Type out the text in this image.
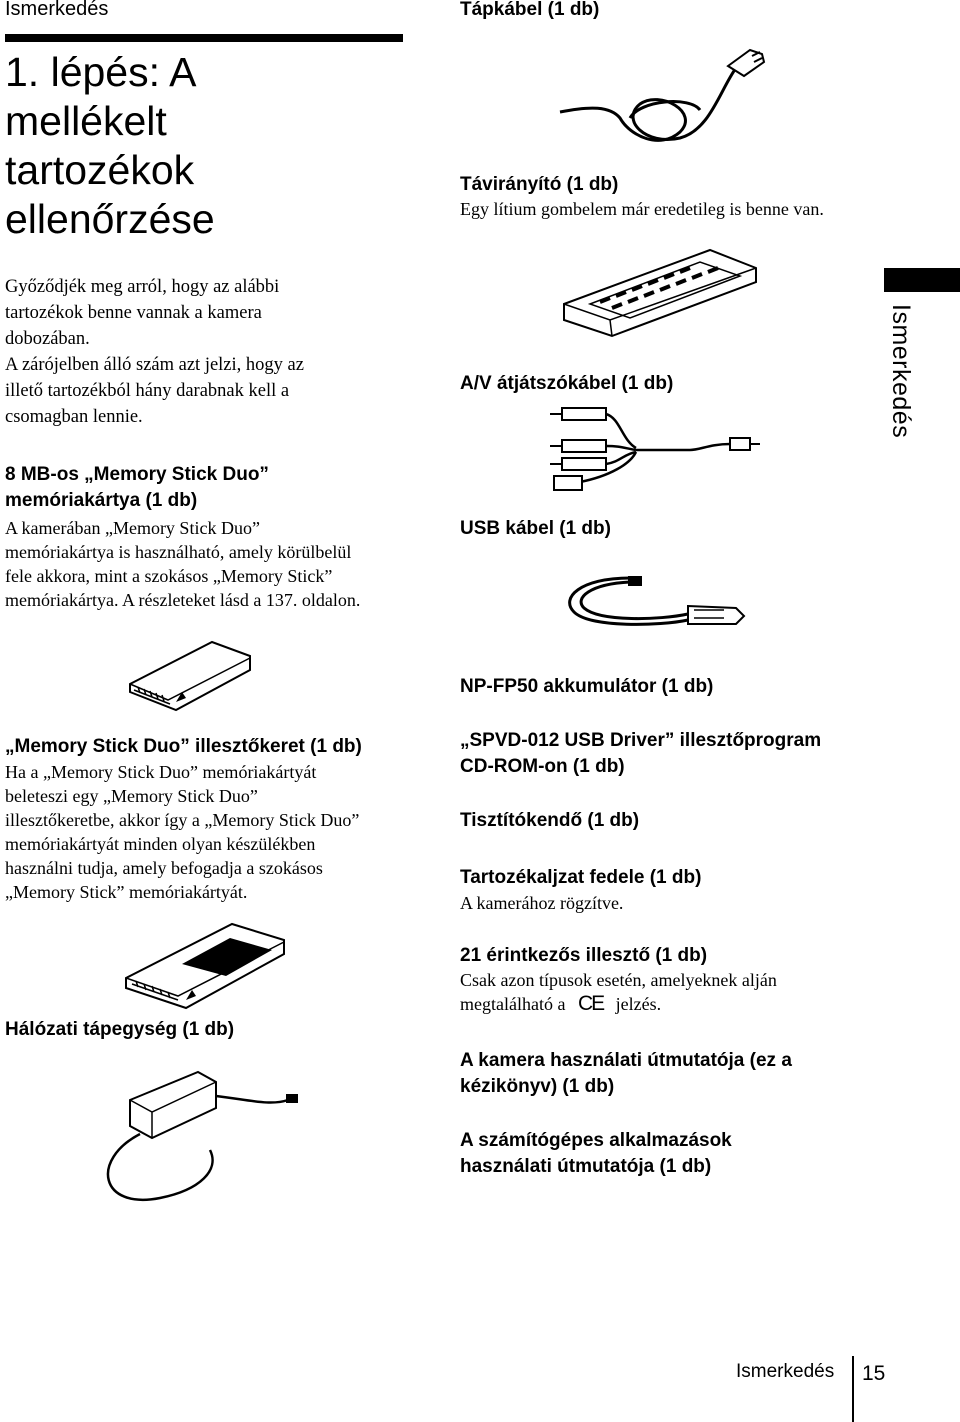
Ismerkedés
1. lépés: A
mellékelt
tartozékok
ellenőrzése
Győződjék meg arról, hogy az alábbi
tartozékok benne vannak a kamera
dobozában.
A zárójelben álló szám azt jelzi, hogy az
illető tartozékból hány darabnak kell a
csomagban lennie.
8 MB-os „Memory Stick Duo”
memóriakártya (1 db)
A kamerában „Memory Stick Duo”
memóriakártya is használható, amely körülbelül
fele akkora, mint a szokásos „Memory Stick”
memóriakártya. A részleteket lásd a 137. oldalon.
„Memory Stick Duo” illesztőkeret (1 db)
Ha a „Memory Stick Duo” memóriakártyát
beleteszi egy „Memory Stick Duo”
illesztőkeretbe, akkor így a „Memory Stick Duo”
memóriakártyát minden olyan készülékben
használni tudja, amely befogadja a szokásos
„Memory Stick” memóriakártyát.
Hálózati tápegység (1 db)
Tápkábel (1 db)
Távirányító (1 db)
Egy lítium gombelem már eredetileg is benne van.
A/V átjátszókábel (1 db)
USB kábel (1 db)
NP-FP50 akkumulátor (1 db)
„SPVD-012 USB Driver” illesztőprogram
CD-ROM-on (1 db)
Tisztítókendő (1 db)
Tartozékaljzat fedele (1 db)
A kamerához rögzítve.
21 érintkezős illesztő (1 db)
Csak azon típusok esetén, amelyeknek alján
megtalálható a CE jelzés.
A kamera használati útmutatója (ez a
kézikönyv) (1 db)
A számítógépes alkalmazások
használati útmutatója (1 db)
Ismerkedés
Ismerkedés 15
